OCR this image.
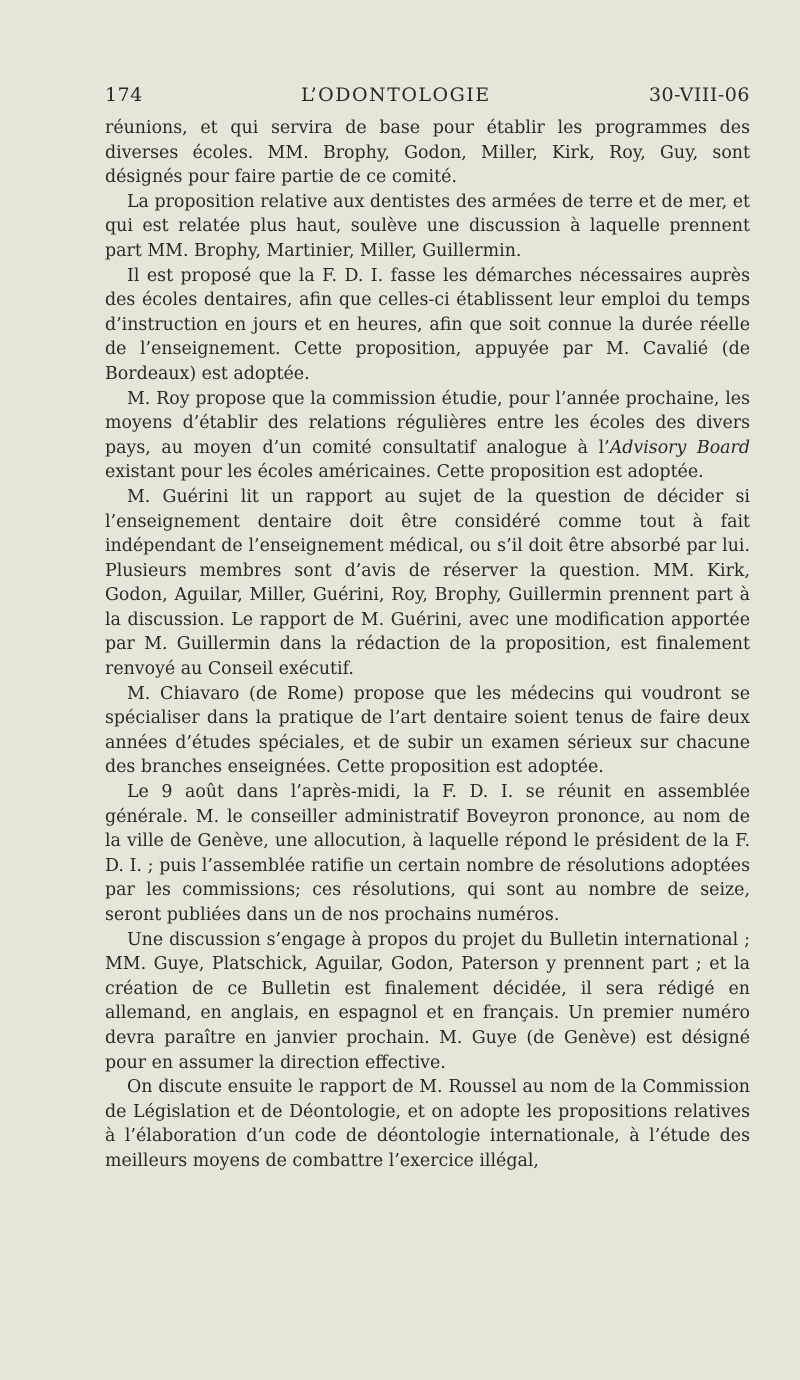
174	L’ODONTOLOGIE	30-VIII-06

réunions, et qui servira de base pour établir les programmes des diverses écoles. MM. Brophy, Godon, Miller, Kirk, Roy, Guy, sont désignés pour faire partie de ce comité.

La proposition relative aux dentistes des armées de terre et de mer, et qui est relatée plus haut, soulève une discussion à laquelle prennent part MM. Brophy, Martinier, Miller, Guillermin.

Il est proposé que la F. D. I. fasse les démarches nécessaires auprès des écoles dentaires, afin que celles-ci établissent leur emploi du temps d’instruction en jours et en heures, afin que soit connue la durée réelle de l’enseignement. Cette proposition, appuyée par M. Cavalié (de Bordeaux) est adoptée.

M. Roy propose que la commission étudie, pour l’année prochaine, les moyens d’établir des relations régulières entre les écoles des divers pays, au moyen d’un comité consultatif analogue à l’Advisory Board existant pour les écoles américaines. Cette proposition est adoptée.

M. Guérini lit un rapport au sujet de la question de décider si l’enseignement dentaire doit être considéré comme tout à fait indépendant de l’enseignement médical, ou s’il doit être absorbé par lui. Plusieurs membres sont d’avis de réserver la question. MM. Kirk, Godon, Aguilar, Miller, Guérini, Roy, Brophy, Guillermin prennent part à la discussion. Le rapport de M. Guérini, avec une modification apportée par M. Guillermin dans la rédaction de la proposition, est finalement renvoyé au Conseil exécutif.

M. Chiavaro (de Rome) propose que les médecins qui voudront se spécialiser dans la pratique de l’art dentaire soient tenus de faire deux années d’études spéciales, et de subir un examen sérieux sur chacune des branches enseignées. Cette proposition est adoptée.

Le 9 août dans l’après-midi, la F. D. I. se réunit en assemblée générale. M. le conseiller administratif Boveyron prononce, au nom de la ville de Genève, une allocution, à laquelle répond le président de la F. D. I. ; puis l’assemblée ratifie un certain nombre de résolutions adoptées par les commissions; ces résolutions, qui sont au nombre de seize, seront publiées dans un de nos prochains numéros.

Une discussion s’engage à propos du projet du Bulletin international ; MM. Guye, Platschick, Aguilar, Godon, Paterson y prennent part ; et la création de ce Bulletin est finalement décidée, il sera rédigé en allemand, en anglais, en espagnol et en français. Un premier numéro devra paraître en janvier prochain. M. Guye (de Genève) est désigné pour en assumer la direction effective.

On discute ensuite le rapport de M. Roussel au nom de la Commission de Législation et de Déontologie, et on adopte les propositions relatives à l’élaboration d’un code de déontologie internationale, à l’étude des meilleurs moyens de combattre l’exercice illégal,
